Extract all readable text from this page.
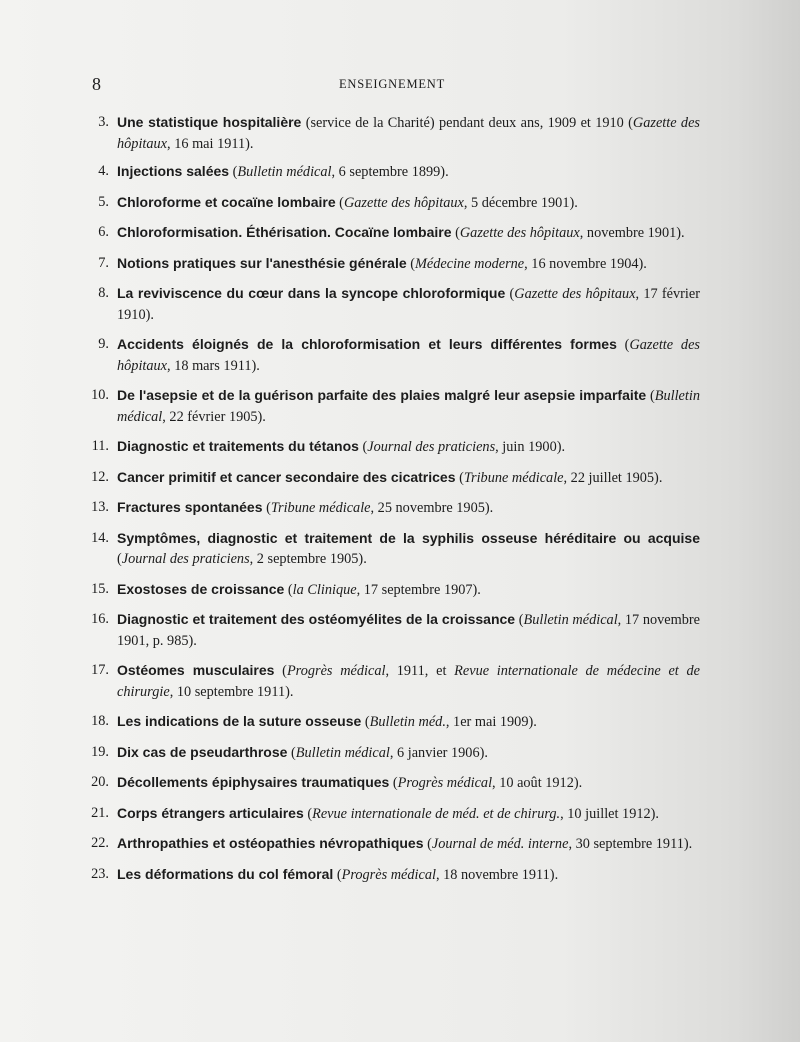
8	ENSEIGNEMENT
3. Une statistique hospitalière (service de la Charité) pendant deux ans, 1909 et 1910 (Gazette des hôpitaux, 16 mai 1911).
4. Injections salées (Bulletin médical, 6 septembre 1899).
5. Chloroforme et cocaïne lombaire (Gazette des hôpitaux, 5 décembre 1901).
6. Chloroformisation. Éthérisation. Cocaïne lombaire (Gazette des hôpitaux, novembre 1901).
7. Notions pratiques sur l'anesthésie générale (Médecine moderne, 16 novembre 1904).
8. La reviviscence du cœur dans la syncope chloroformique (Gazette des hôpitaux, 17 février 1910).
9. Accidents éloignés de la chloroformisation et leurs différentes formes (Gazette des hôpitaux, 18 mars 1911).
10. De l'asepsie et de la guérison parfaite des plaies malgré leur asepsie imparfaite (Bulletin médical, 22 février 1905).
11. Diagnostic et traitements du tétanos (Journal des praticiens, juin 1900).
12. Cancer primitif et cancer secondaire des cicatrices (Tribune médicale, 22 juillet 1905).
13. Fractures spontanées (Tribune médicale, 25 novembre 1905).
14. Symptômes, diagnostic et traitement de la syphilis osseuse héréditaire ou acquise (Journal des praticiens, 2 septembre 1905).
15. Exostoses de croissance (la Clinique, 17 septembre 1907).
16. Diagnostic et traitement des ostéomyélites de la croissance (Bulletin médical, 17 novembre 1901, p. 985).
17. Ostéomes musculaires (Progrès médical, 1911, et Revue internationale de médecine et de chirurgie, 10 septembre 1911).
18. Les indications de la suture osseuse (Bulletin méd., 1er mai 1909).
19. Dix cas de pseudarthrose (Bulletin médical, 6 janvier 1906).
20. Décollements épiphysaires traumatiques (Progrès médical, 10 août 1912).
21. Corps étrangers articulaires (Revue internationale de méd. et de chirurg., 10 juillet 1912).
22. Arthropathies et ostéopathies névropathiques (Journal de méd. interne, 30 septembre 1911).
23. Les déformations du col fémoral (Progrès médical, 18 novembre 1911).
